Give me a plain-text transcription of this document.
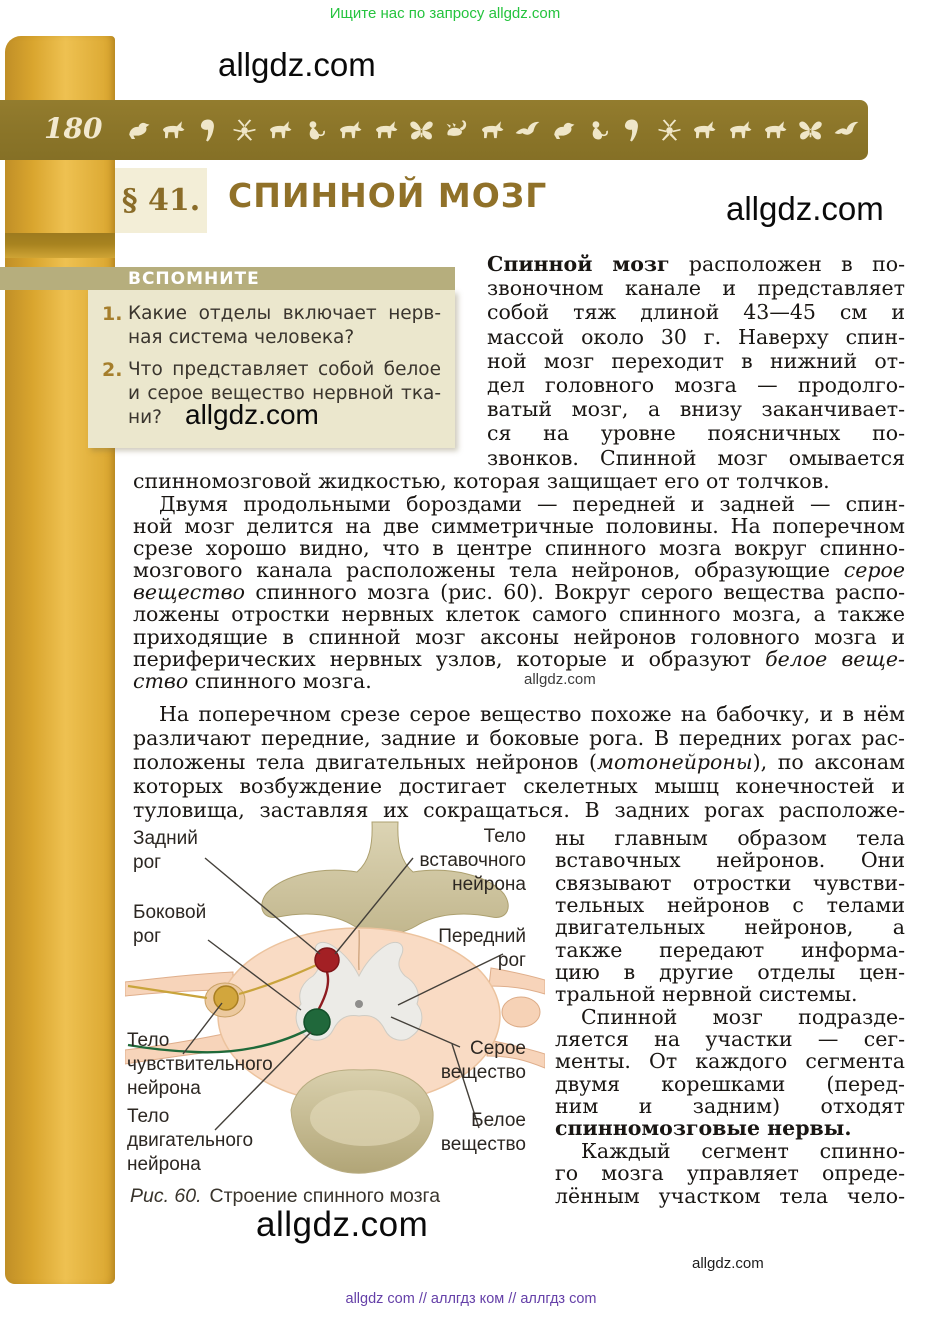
Ищите нас по запросу allgdz.com
allgdz.com
180
§ 41. СПИННОЙ МОЗГ	allgdz.com
ВСПОМНИТЕ
1. Какие отделы включает нерв-
ная система человека?
2. Что представляет собой белое
и серое вещество нервной тка-
ни? allgdz.com
Спинной мозг расположен в по-
звоночном канале и представляет
собой тяж длиной 43—45 см и
массой около 30 г. Наверху спин-
ной мозг переходит в нижний от-
дел головного мозга — продолго-
ватый мозг, а внизу заканчивает-
ся на уровне поясничных по-
звонков. Спинной мозг омывается
спинномозговой жидкостью, которая защищает его от толчков.
Двумя продольными бороздами — передней и задней — спин-
ной мозг делится на две симметричные половины. На поперечном
срезе хорошо видно, что в центре спинного мозга вокруг спинно-
мозгового канала расположены тела нейронов, образующие серое
вещество спинного мозга (рис. 60). Вокруг серого вещества распо-
ложены отростки нервных клеток самого спинного мозга, а также
приходящие в спинной мозг аксоны нейронов головного мозга и
периферических нервных узлов, которые и образуют белое веще-
ство спинного мозга.	allgdz.com
На поперечном срезе серое вещество похоже на бабочку, и в нём
различают передние, задние и боковые рога. В передних рогах рас-
положены тела двигательных нейронов (мотонейроны), по аксонам
которых возбуждение достигает скелетных мышц конечностей и
туловища, заставляя их сокращаться. В задних рогах расположе-
ны главным образом тела
вставочных нейронов. Они
связывают отростки чувстви-
тельных нейронов с телами
двигательных нейронов, а
также передают информа-
цию в другие отделы цен-
тральной нервной системы.
Спинной мозг подразде-
ляется на участки — сег-
менты. От каждого сегмента
двумя корешками (перед-
ним и задним) отходят
спинномозговые нервы.
Каждый сегмент спинно-
го мозга управляет опреде-
лённым участком тела чело-
Задний
рог
Боковой
рог
Тело
чувствительного
нейрона
Тело
двигательного
нейрона
Тело
вставочного
нейрона
Передний
рог
Серое
вещество
Белое
вещество
Рис. 60. Строение спинного мозга
allgdz.com
allgdz.com
allgdz com // аллгдз ком // аллгдз com
